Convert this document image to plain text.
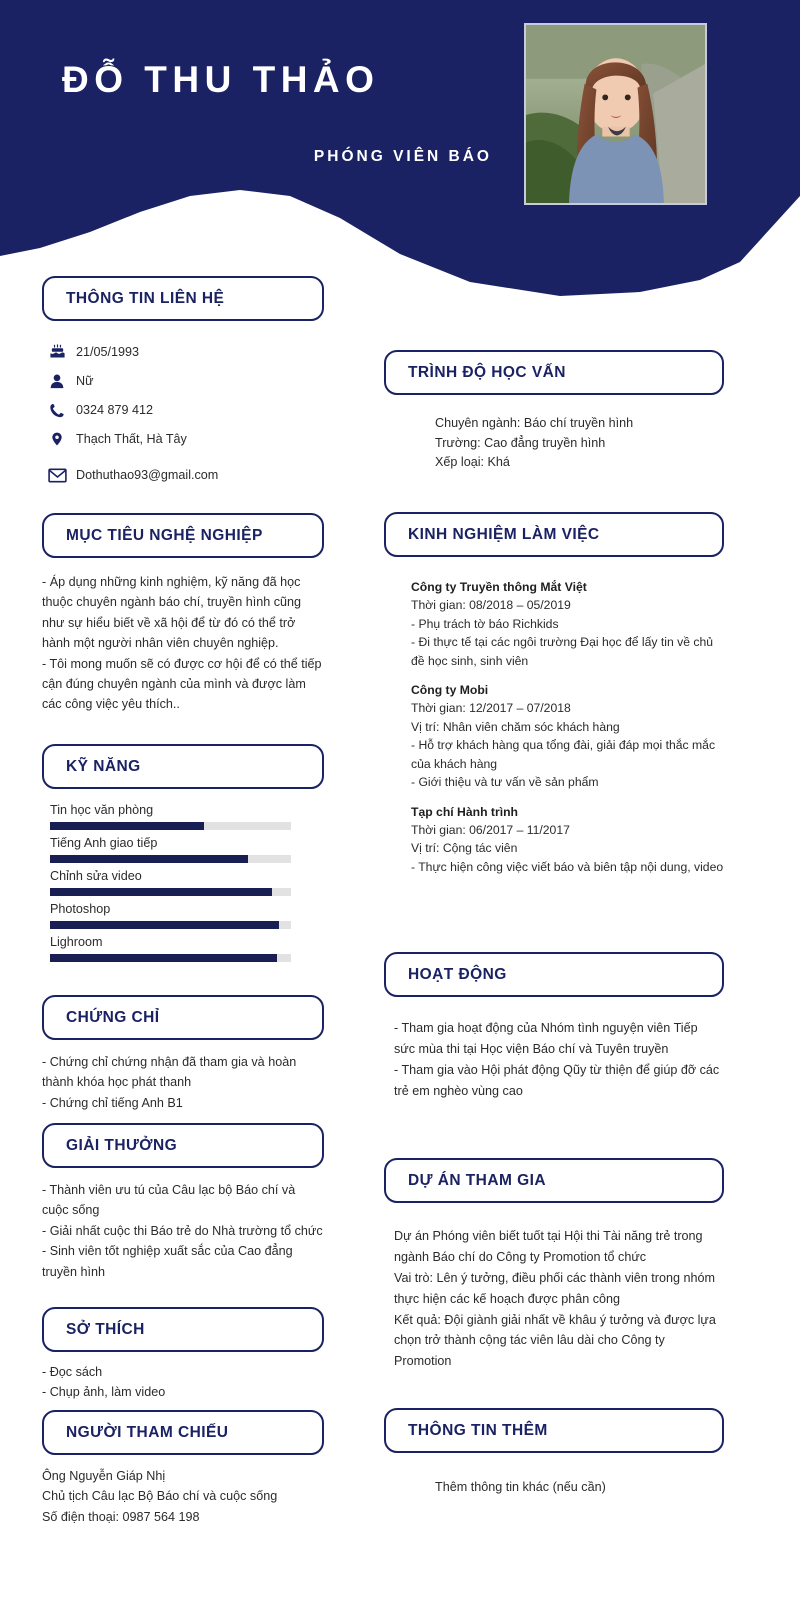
ĐỖ THU THẢO
PHÓNG VIÊN BÁO
THÔNG TIN LIÊN HỆ
21/05/1993
Nữ
0324 879 412
Thạch Thất, Hà Tây
Dothuthao93@gmail.com
MỤC TIÊU NGHỆ NGHIỆP

- Áp dụng những kinh nghiệm, kỹ năng đã học thuộc chuyên ngành báo chí, truyền hình cũng như sự hiểu biết về xã hội để từ đó có thể trở hành một người nhân viên chuyên nghiệp.

- Tôi mong muốn sẽ có được cơ hội để có thể tiếp cận đúng chuyên ngành của mình và được làm các công việc yêu thích..

KỸ NĂNG
Tin học văn phòng
Tiếng Anh giao tiếp
Chỉnh sửa video
Photoshop
Lighroom
CHỨNG CHỈ

- Chứng chỉ chứng nhận đã tham gia và hoàn thành khóa học phát thanh

- Chứng chỉ tiếng Anh B1

GIẢI THƯỞNG

- Thành viên ưu tú của Câu lạc bộ Báo chí và cuộc sống

- Giải nhất cuộc thi Báo trẻ do Nhà trường tổ chức

- Sinh viên tốt nghiệp xuất sắc của Cao đẳng truyền hình

SỞ THÍCH

- Đọc sách

- Chụp ảnh, làm video

NGƯỜI THAM CHIẾU

Ông Nguyễn Giáp Nhị

Chủ tịch Câu lạc Bộ Báo chí và cuộc sống

Số điện thoại: 0987 564 198

TRÌNH ĐỘ HỌC VẤN

Chuyên ngành: Báo chí truyền hình

Trường: Cao đẳng truyền hình

Xếp loại: Khá

KINH NGHIỆM LÀM VIỆC
Công ty Truyền thông Mắt Việt
Thời gian: 08/2018 – 05/2019
- Phụ trách tờ báo Richkids
- Đi thực tế tại các ngôi trường Đại học để lấy tin về chủ đề học sinh, sinh viên
Công ty Mobi
Thời gian: 12/2017 – 07/2018
Vị trí: Nhân viên chăm sóc khách hàng
- Hỗ trợ khách hàng qua tổng đài, giải đáp mọi thắc mắc của khách hàng
- Giới thiệu và tư vấn về sản phẩm
Tạp chí Hành trình
Thời gian: 06/2017 – 11/2017
Vị trí: Cộng tác viên
- Thực hiện công việc viết báo và biên tập nội dung, video
HOẠT ĐỘNG

- Tham gia hoạt động của Nhóm tình nguyện viên Tiếp sức mùa thi tại Học viện Báo chí và Tuyên truyền

- Tham gia vào Hội phát động Qũy từ thiện để giúp đỡ các trẻ em nghèo vùng cao

DỰ ÁN THAM GIA

Dự án Phóng viên biết tuốt tại Hội thi Tài năng trẻ trong ngành Báo chí do Công ty Promotion tổ chức

Vai trò: Lên ý tưởng, điều phối các thành viên trong nhóm thực hiện các kế hoạch được phân công

Kết quả: Đội giành giải nhất về khâu ý tưởng và được lựa chọn trở thành cộng tác viên lâu dài cho Công ty Promotion

THÔNG TIN THÊM

Thêm thông tin khác (nếu cần)
